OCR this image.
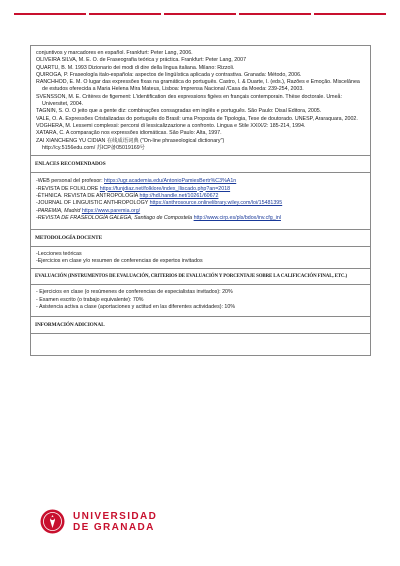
conjuntivos y marcadores en español. Frankfurt: Peter Lang, 2006.

OLIVEIRA SILVA, M. E. O. de Fraseografia teórica y práctica. Frankfurt: Peter Lang, 2007

QUARTU, B. M. 1993 Dizionario dei modi di dire della lingua italiana. Milano: Rizzoli.

QUIROGA, P. Fraseología italo-española: aspectos de lingüística aplicada y contrastiva. Granada: Método, 2006.

RANCHHOD, E. M. O lugar das expressões fixas na gramática do português. Castro, I. & Duarte, I. (eds.), Razões e Emoção. Miscelânea de estudos oferecida a Maria Helena Mira Mateus, Lisboa: Imprensa Nacional /Casa da Moeda: 239-254, 2003.

SVENSSON, M. E. Critères de figement: L'identification des expressions figées en français contemporain. Thèse doctorale. Umeå: Universitet, 2004.

TAGNIN, S. O. O jeito que a gente diz: combinações consagradas em inglês e português. São Paulo: Disal Editora, 2005.

VALE, O. A. Expressões Cristalizadas do português do Brasil: uma Proposta de Tipologia, Tese de doutorado. UNESP, Araraquara, 2002.

VOGHERA, M. Lessemi complessi: percorsi di lessicalizzazione a confronto. Lingua e Stile XXIX/2: 185-214, 1994.

XATARA, C. A comparação nos expressões idiomáticas. São Paulo: Alta, 1997.

ZAI XIANCHENG YU CIDIAN 在线成语词典 ("On-line phraseological dictionary")

http://cy.5156edu.com/ 苏ICP备05019169号

ENLACES RECOMENDADOS

-WEB personal del profesor: https://ugr.academia.edu/AntonioPamiesBertr%C3%A1n

-REVISTA DE FOLKLORE https://funjdiaz.net/folklore/index_lliscado.php?an=2018

-ÉTHNICA. REVISTA DE ANTROPOLOGÍA http://hdl.handle.net/10261/60672

-JOURNAL OF LINGUISTIC ANTHROPOLOGY https://anthrosource.onlinelibrary.wiley.com/loi/15481395

-PAREMIA, Madrid https://www.paremia.org/

-REVISTA DE FRASEOLOGÍA GALEGA, Santiago de Compostela http://www.cirp.es/pls/bdox/inv.cfg_inl

METODOLOGÍA DOCENTE

-Lecciones teóricas

-Ejercicios en clase y/o resumen de conferencias de expertos invitados

EVALUACIÓN (INSTRUMENTOS DE EVALUACIÓN, CRITERIOS DE EVALUACIÓN Y PORCENTAJE SOBRE LA CALIFICACIÓN FINAL, ETC.)

- Ejercicios en clase (o resúmenes de conferencias de especialistas invitados): 20%

- Examen escrito (o trabajo equivalente): 70%

- Asistencia activa a clase (aportaciones y actitud en las diferentes actividades): 10%

INFORMACIÓN ADICIONAL
UNIVERSIDAD
DE GRANADA
